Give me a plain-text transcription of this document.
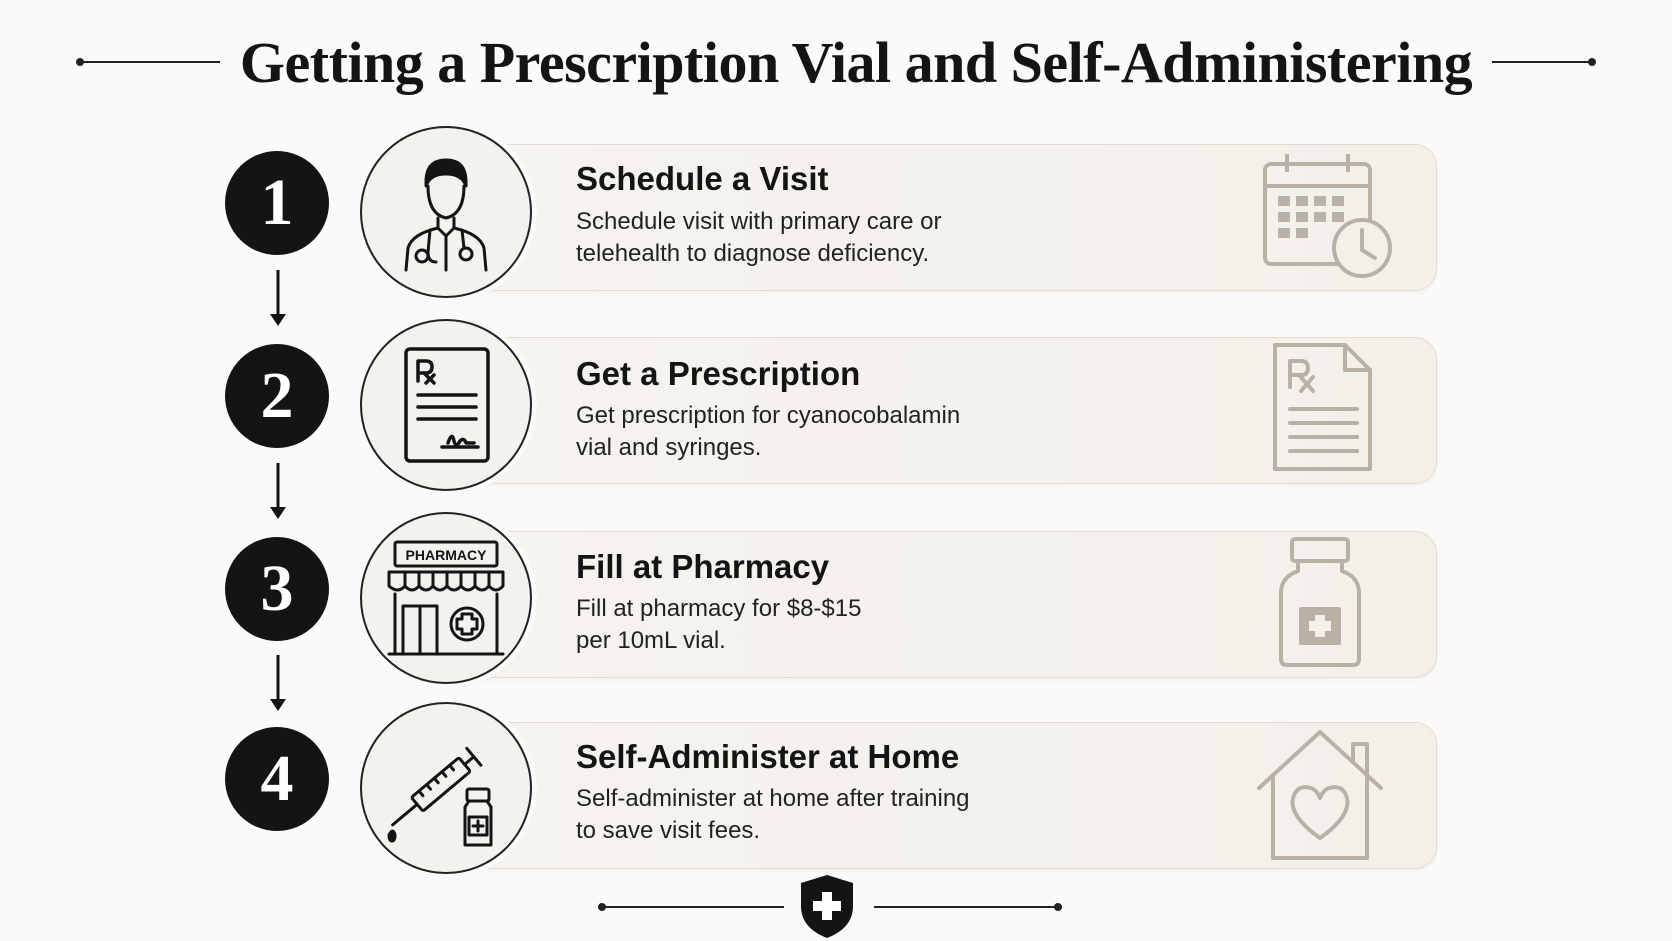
Getting a Prescription Vial and Self-Administering
1	Schedule a Visit
Schedule visit with primary care or
telehealth to diagnose deficiency.
2	Get a Prescription
Get prescription for cyanocobalamin
vial and syringes.
3	PHARMACY	Fill at Pharmacy
Fill at pharmacy for $8-$15
per 10mL vial.
4	Self-Administer at Home
Self-administer at home after training
to save visit fees.
